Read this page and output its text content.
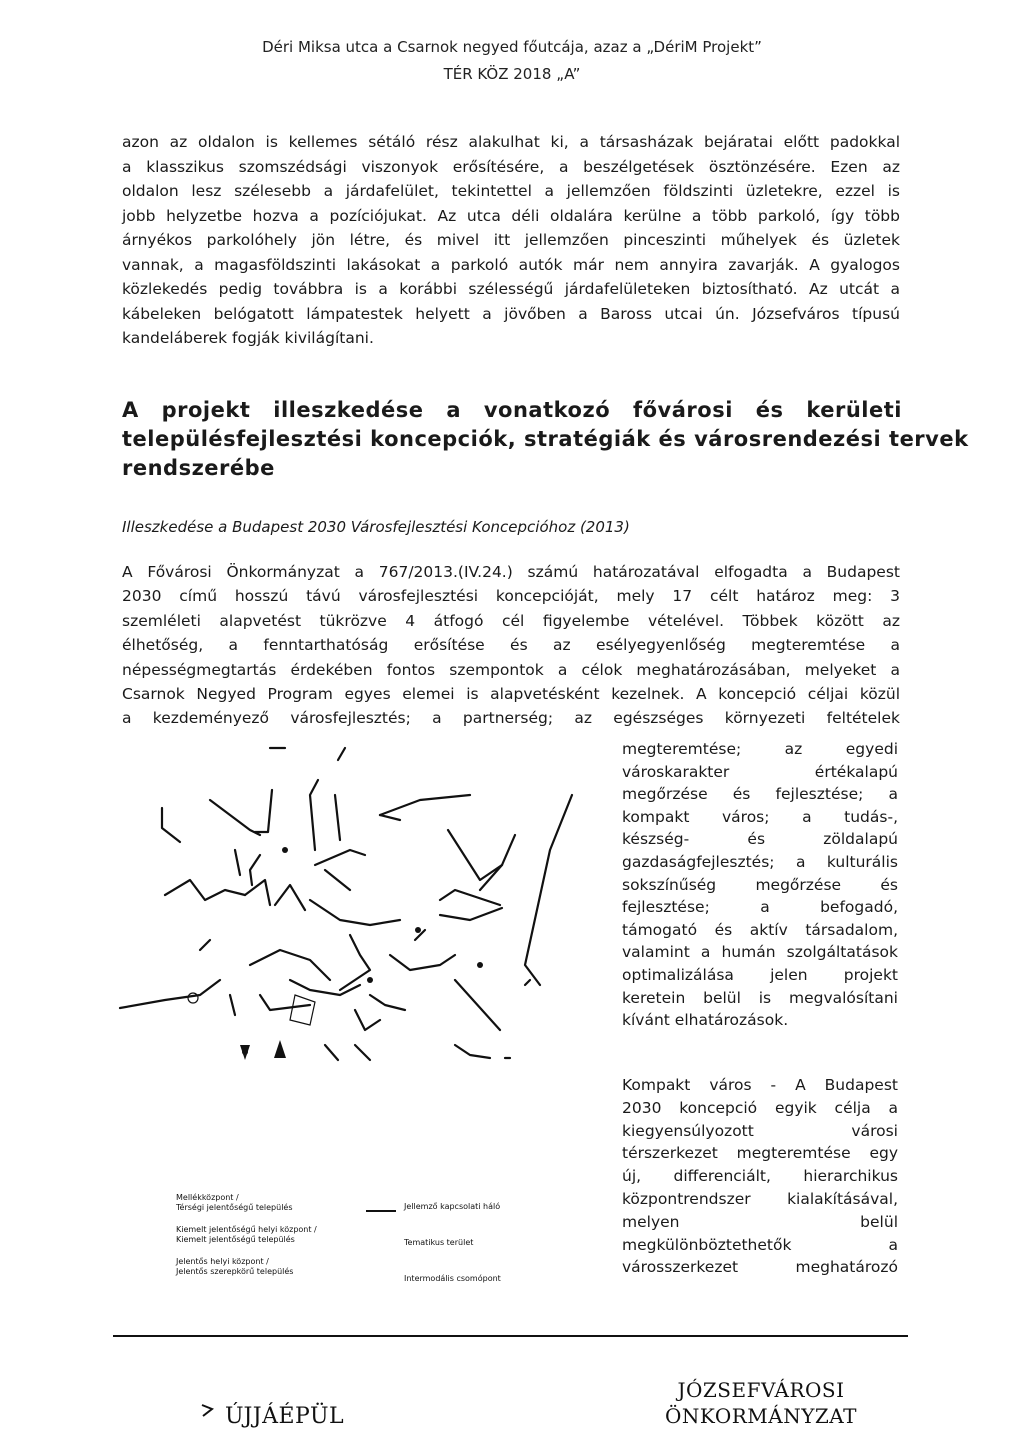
Déri Miksa utca a Csarnok negyed főutcája, azaz a „DériM Projekt”
TÉR KÖZ 2018 „A”

azon az oldalon is kellemes sétáló rész alakulhat ki, a társasházak bejáratai előtt padokkal
a klasszikus szomszédsági viszonyok erősítésére, a beszélgetések ösztönzésére. Ezen az
oldalon lesz szélesebb a járdafelület, tekintettel a jellemzően földszinti üzletekre, ezzel is
jobb helyzetbe hozva a pozíciójukat. Az utca déli oldalára kerülne a több parkoló, így több
árnyékos parkolóhely jön létre, és mivel itt jellemzően pinceszinti műhelyek és üzletek
vannak, a magasföldszinti lakásokat a parkoló autók már nem annyira zavarják. A gyalogos
közlekedés pedig továbbra is a korábbi szélességű járdafelületeken biztosítható. Az utcát a
kábeleken belógatott lámpatestek helyett a jövőben a Baross utcai ún. Józsefváros típusú
kandeláberek fogják kivilágítani.

A projekt illeszkedése a vonatkozó fővárosi és kerületi
településfejlesztési koncepciók, stratégiák és városrendezési tervek
rendszerébe
Illeszkedése a Budapest 2030 Városfejlesztési Koncepcióhoz (2013)

A Fővárosi Önkormányzat a 767/2013.(IV.24.) számú határozatával elfogadta a Budapest
2030 című hosszú távú városfejlesztési koncepcióját, mely 17 célt határoz meg: 3
szemléleti alapvetést tükrözve 4 átfogó cél figyelembe vételével. Többek között az
élhetőség, a fenntarthatóság erősítése és az esélyegyenlőség megteremtése a
népességmegtartás érdekében fontos szempontok a célok meghatározásában, melyeket a
Csarnok Negyed Program egyes elemei is alapvetésként kezelnek. A koncepció céljai közül
a kezdeményező városfejlesztés; a partnerség; az egészséges környezeti feltételek

megteremtése; az egyedi
városkarakter értékalapú
megőrzése és fejlesztése; a
kompakt város; a tudás-,
készség- és zöldalapú
gazdaságfejlesztés; a kulturális
sokszínűség megőrzése és
fejlesztése; a befogadó,
támogató és aktív társadalom,
valamint a humán szolgáltatások
optimalizálása jelen projekt
keretein belül is megvalósítani
kívánt elhatározások.

Kompakt város - A Budapest
2030 koncepció egyik célja a
kiegyensúlyozott városi
térszerkezet megteremtése egy
új, differenciált, hierarchikus
központrendszer kialakításával,
melyen belül
megkülönböztethetők a
városszerkezet meghatározó

Mellékközpont /
Térségi jelentőségű település
Kiemelt jelentőségű helyi központ /
Kiemelt jelentőségű település
Jelentős helyi központ /
Jelentős szerepkörű település
Jellemző kapcsolati háló
Tematikus terület
Intermodális csomópont
ÚJJÁÉPÜL
JÓZSEFVÁROSI
ÖNKORMÁNYZAT
